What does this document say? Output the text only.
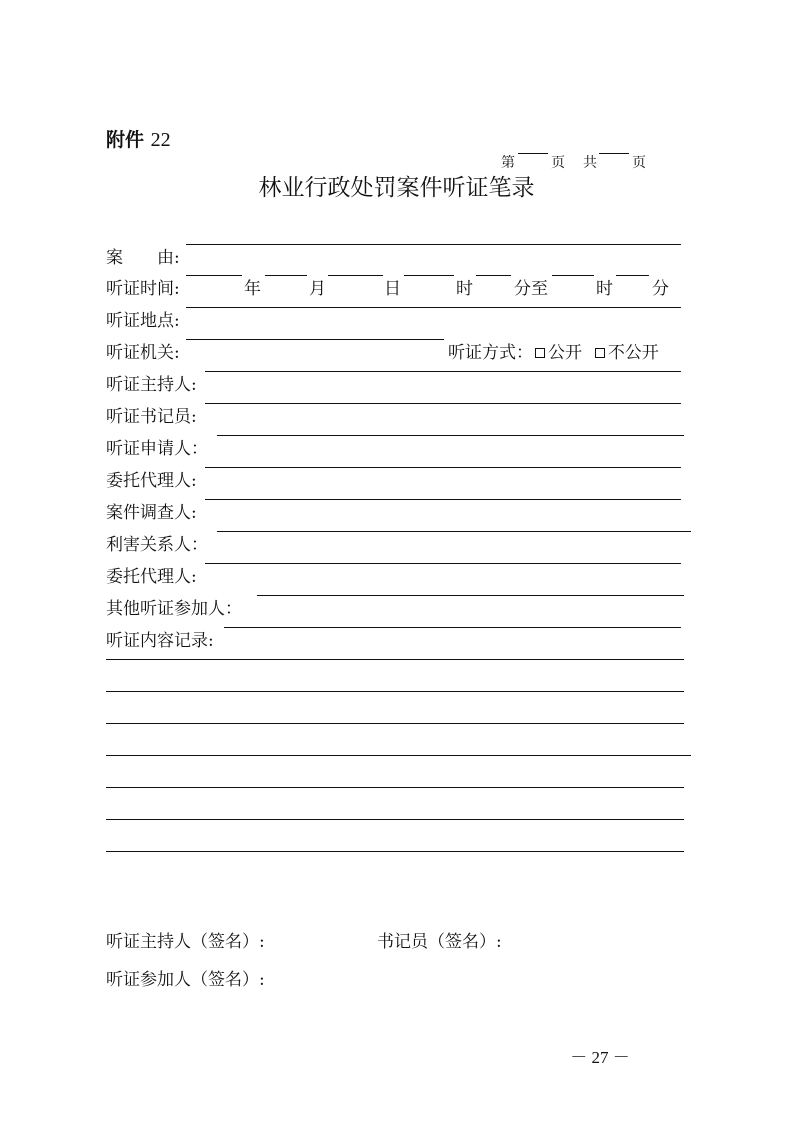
附件 22
第	页 共	页
林业行政处罚案件听证笔录
案　　由:
听证时间:	年	月	日	时 分至	时 分
听证地点:
听证机关:	听证方式： 公开 不公开
听证主持人:
听证书记员:
听证申请人：
委托代理人:
案件调查人:
利害关系人：
委托代理人:
其他听证参加人：
听证内容记录:
听证主持人（签名）:	书记员（签名）:
听证参加人（签名）:
－ 27 －
